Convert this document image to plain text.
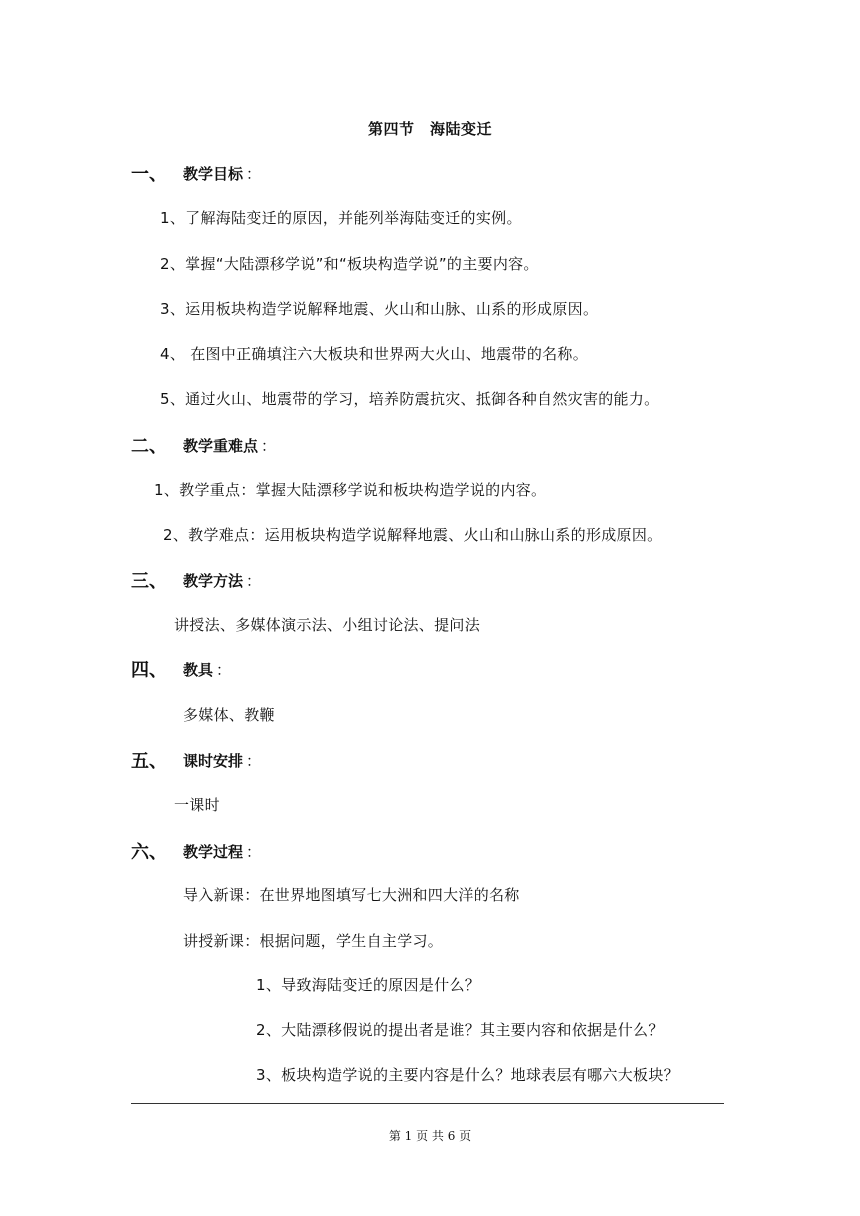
第四节　海陆变迁
一、	教学目标 ：
1、了解海陆变迁的原因，并能列举海陆变迁的实例。
2、掌握“大陆漂移学说”和“板块构造学说”的主要内容。
3、运用板块构造学说解释地震、火山和山脉、山系的形成原因。
4、 在图中正确填注六大板块和世界两大火山、地震带的名称。
5、通过火山、地震带的学习，培养防震抗灾、抵御各种自然灾害的能力。
二、	教学重难点 ：
1、教学重点：掌握大陆漂移学说和板块构造学说的内容。
2、教学难点：运用板块构造学说解释地震、火山和山脉山系的形成原因。
三、	教学方法 ：
讲授法、多媒体演示法、小组讨论法、提问法
四、	教具 ：
多媒体、教鞭
五、	课时安排 ：
一课时
六、	教学过程 ：
导入新课：在世界地图填写七大洲和四大洋的名称
讲授新课：根据问题，学生自主学习。
1、导致海陆变迁的原因是什么？
2、大陆漂移假说的提出者是谁？其主要内容和依据是什么？
3、板块构造学说的主要内容是什么？地球表层有哪六大板块？
第 1 页 共 6 页
